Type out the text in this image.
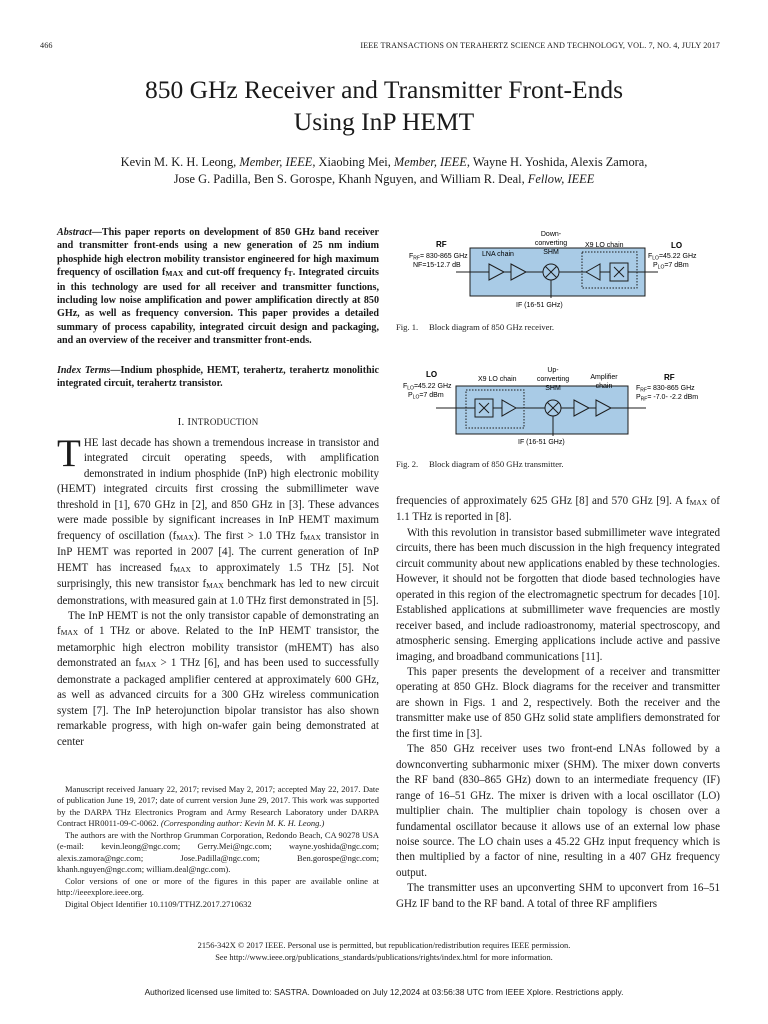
466	IEEE TRANSACTIONS ON TERAHERTZ SCIENCE AND TECHNOLOGY, VOL. 7, NO. 4, JULY 2017
850 GHz Receiver and Transmitter Front-Ends
Using InP HEMT
Kevin M. K. H. Leong, Member, IEEE, Xiaobing Mei, Member, IEEE, Wayne H. Yoshida, Alexis Zamora,
Jose G. Padilla, Ben S. Gorospe, Khanh Nguyen, and William R. Deal, Fellow, IEEE
Abstract—This paper reports on development of 850 GHz band receiver and transmitter front-ends using a new generation of 25 nm indium phosphide high electron mobility transistor engineered for high maximum frequency of oscillation fMAX and cut-off frequency fT. Integrated circuits in this technology are used for all receiver and transmitter functions, including low noise amplification and power amplification directly at 850 GHz, as well as frequency conversion. This paper provides a detailed summary of process capability, integrated circuit design and packaging, and an overview of the receiver and transmitter front-ends.
Index Terms—Indium phosphide, HEMT, terahertz, terahertz monolithic integrated circuit, terahertz transistor.
I. INTRODUCTION

THE last decade has shown a tremendous increase in transistor and integrated circuit operating speeds, with amplification demonstrated in indium phosphide (InP) high electronic mobility (HEMT) integrated circuits first crossing the submillimeter wave threshold in [1], 670 GHz in [2], and 850 GHz in [3]. These advances were made possible by significant increases in InP HEMT maximum frequency of oscillation (fMAX). The first > 1.0 THz fMAX transistor in InP HEMT was reported in 2007 [4]. The current generation of InP HEMT has increased fMAX to approximately 1.5 THz [5]. Not surprisingly, this new transistor fMAX benchmark has led to new circuit demonstrations, with measured gain at 1.0 THz first demonstrated in [5].

The InP HEMT is not the only transistor capable of demonstrating an fMAX of 1 THz or above. Related to the InP HEMT transistor, the metamorphic high electron mobility transistor (mHEMT) has also demonstrated an fMAX > 1 THz [6], and has been used to successfully demonstrate a packaged amplifier centered at approximately 600 GHz, as well as advanced circuits for a 300 GHz wireless communication system [7]. The InP heterojunction bipolar transistor has also shown remarkable progress, with high on-wafer gain being demonstrated at center

Manuscript received January 22, 2017; revised May 2, 2017; accepted May 22, 2017. Date of publication June 19, 2017; date of current version June 29, 2017. This work was supported by the DARPA THz Electronics Program and Army Research Laboratory under DARPA Contract HR0011-09-C-0062. (Corresponding author: Kevin M. K. H. Leong.)

The authors are with the Northrop Grumman Corporation, Redondo Beach, CA 90278 USA (e-mail: kevin.leong@ngc.com; Gerry.Mei@ngc.com; wayne.yoshida@ngc.com; alexis.zamora@ngc.com; Jose.Padilla@ngc.com; Ben.gorospe@ngc.com; khanh.nguyen@ngc.com; william.deal@ngc.com).

Color versions of one or more of the figures in this paper are available online at http://ieeexplore.ieee.org.

Digital Object Identifier 10.1109/TTHZ.2017.2710632

RF
$F_{RF}= 830-865$ GHz
NF=15-12.7 dB
LNA chain
Down-
converting
SHM
X9 LO chain	LO
$F_{LO}=45.22$ GHz
$P_{LO}=7$ dBm
IF (16-51 GHz)
Fig. 1. Block diagram of 850 GHz receiver.
LO
$F_{LO}=45.22$ GHz
$P_{LO}=7$ dBm
X9 LO chain
Up-
converting
SHM
Amplifier
chain
RF
$F_{RF}= 830-865$ GHz
$P_{RF}= -7.0-$ -2.2 dBm
IF (16-51 GHz)
Fig. 2. Block diagram of 850 GHz transmitter.

frequencies of approximately 625 GHz [8] and 570 GHz [9]. A fMAX of 1.1 THz is reported in [8].

With this revolution in transistor based submillimeter wave integrated circuits, there has been much discussion in the high frequency integrated circuit community about new applications enabled by these technologies. However, it should not be forgotten that diode based technologies have operated in this region of the electromagnetic spectrum for decades [10]. Established applications at submillimeter wave frequencies are mostly receiver based, and include radioastronomy, material spectroscopy, and atmospheric sensing. Emerging applications include active and passive imaging, and broadband communications [11].

This paper presents the development of a receiver and transmitter operating at 850 GHz. Block diagrams for the receiver and transmitter are shown in Figs. 1 and 2, respectively. Both the receiver and the transmitter make use of 850 GHz solid state amplifiers demonstrated for the first time in [3].

The 850 GHz receiver uses two front-end LNAs followed by a downconverting subharmonic mixer (SHM). The mixer down converts the RF band (830–865 GHz) down to an intermediate frequency (IF) range of 16–51 GHz. The mixer is driven with a local oscillator (LO) multiplier chain. The multiplier chain topology is chosen over a fundamental oscillator because it allows use of an external low phase noise source. The LO chain uses a 45.22 GHz input frequency which is then multiplied by a factor of nine, resulting in a 407 GHz frequency output.

The transmitter uses an upconverting SHM to upconvert from 16–51 GHz IF band to the RF band. A total of three RF amplifiers

2156-342X © 2017 IEEE. Personal use is permitted, but republication/redistribution requires IEEE permission.
See http://www.ieee.org/publications_standards/publications/rights/index.html for more information.
Authorized licensed use limited to: SASTRA. Downloaded on July 12,2024 at 03:56:38 UTC from IEEE Xplore. Restrictions apply.
